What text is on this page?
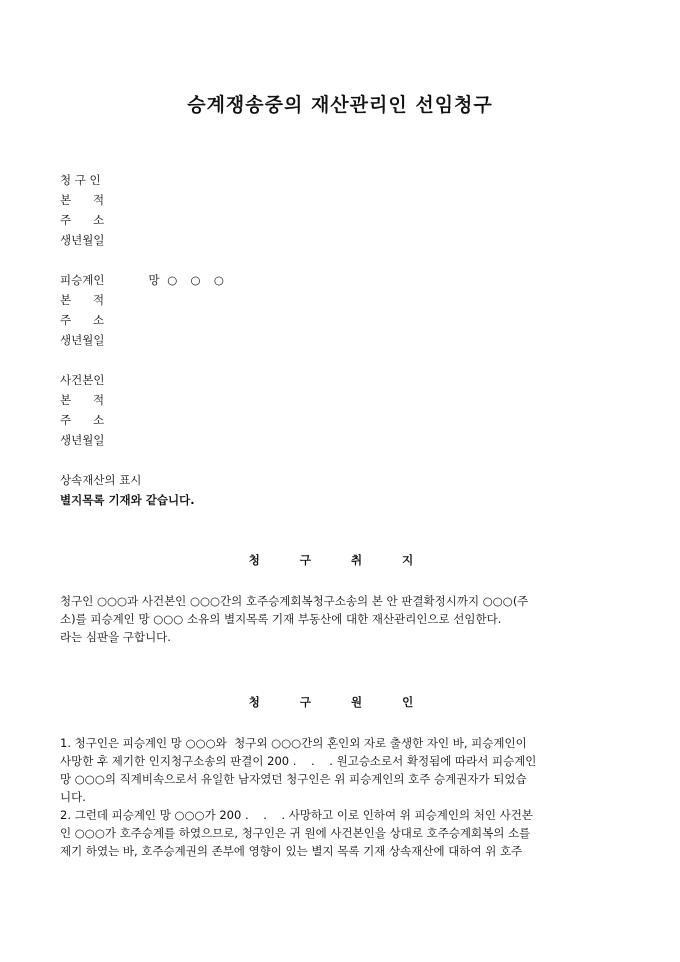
승계쟁송중의 재산관리인 선임청구
청 구 인
본      적
주      소
생년월일
피승계인	망 ○  ○  ○
본      적
주      소
생년월일
사건본인
본      적
주      소
생년월일
상속재산의 표시
별지목록 기재와 같습니다.
청 구 취 지

청구인 ○○○과 사건본인 ○○○간의 호주승계회복청구소송의 본 안 판결확정시까지 ○○○(주

소)를 피승계인 망 ○○○ 소유의 별지목록 기재 부동산에 대한 재산관리인으로 선임한다.

라는 심판을 구합니다.

청 구 원 인

1. 청구인은 피승계인 망 ○○○와  청구외 ○○○간의 혼인외 자로 출생한 자인 바, 피승계인이

사망한 후 제기한 인지청구소송의 판결이 200 .    .    . 원고승소로서 확정됨에 따라서 피승계인

망 ○○○의 직계비속으로서 유일한 남자였던 청구인은 위 피승계인의 호주 승계권자가 되었습

니다.

2. 그런데 피승계인 망 ○○○가 200 .    .    . 사망하고 이로 인하여 위 피승계인의 처인 사건본

인 ○○○가 호주승계를 하였으므로, 청구인은 귀 원에 사건본인을 상대로 호주승계회복의 소를

제기 하였는 바, 호주승계권의 존부에 영향이 있는 별지 목록 기재 상속재산에 대하여 위 호주
